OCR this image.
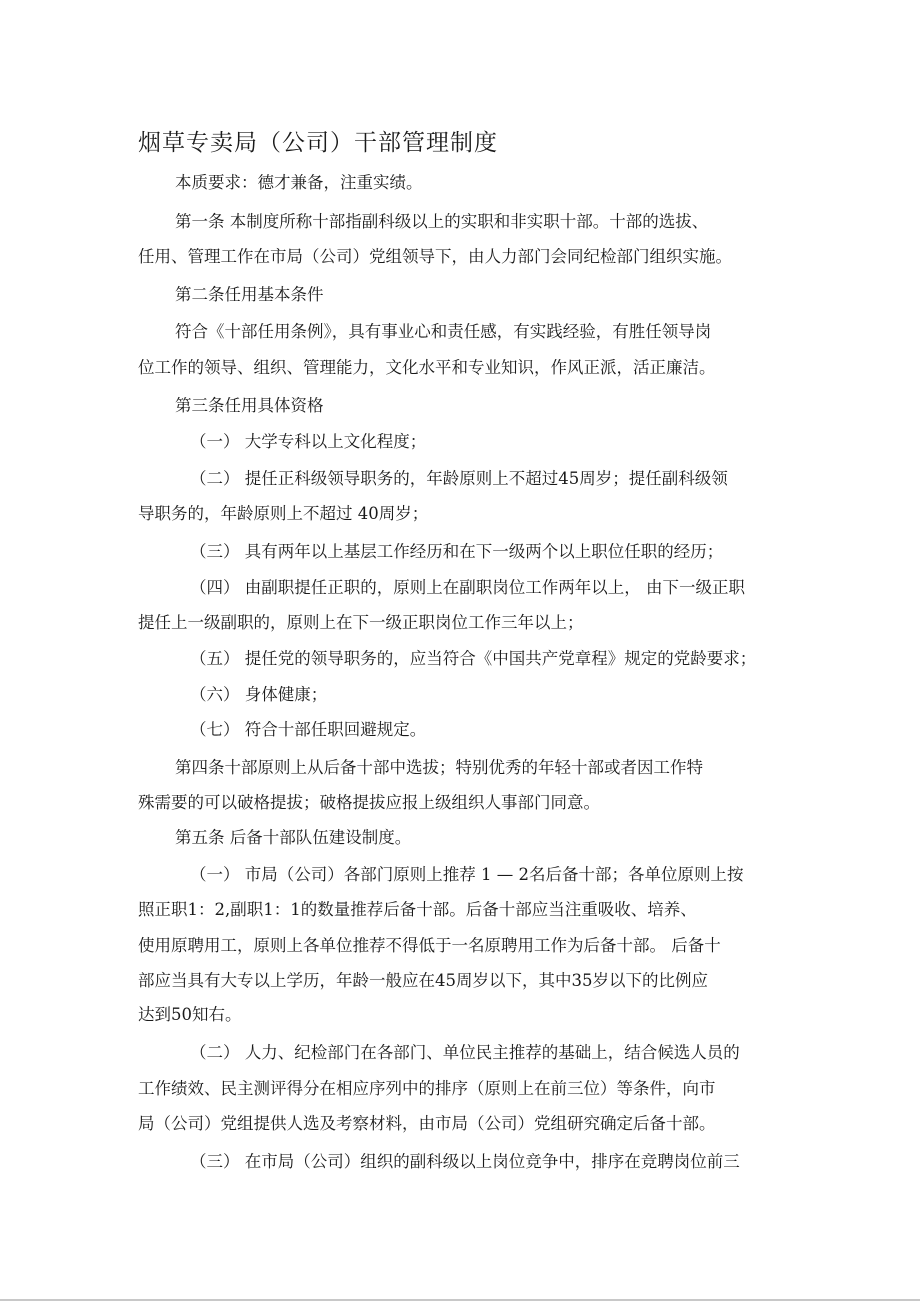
烟草专卖局（公司）干部管理制度
本质要求：德才兼备，注重实绩。
第一条 本制度所称十部指副科级以上的实职和非实职十部。十部的选拔、
任用、管理工作在市局（公司）党组领导下，由人力部门会同纪检部门组织实施。
第二条任用基本条件
符合《十部任用条例》，具有事业心和责任感，有实践经验，有胜任领导岗
位工作的领导、组织、管理能力，文化水平和专业知识，作风正派，活正廉洁。
第三条任用具体资格
（一） 大学专科以上文化程度；
（二） 提任正科级领导职务的，年龄原则上不超过45周岁；提任副科级领
导职务的，年龄原则上不超过 40周岁；
（三） 具有两年以上基层工作经历和在下一级两个以上职位任职的经历；
（四） 由副职提任正职的，原则上在副职岗位工作两年以上， 由下一级正职
提任上一级副职的，原则上在下一级正职岗位工作三年以上；
（五） 提任党的领导职务的，应当符合《中国共产党章程》规定的党龄要求；
（六） 身体健康；
（七） 符合十部任职回避规定。
第四条十部原则上从后备十部中选拔；特别优秀的年轻十部或者因工作特
殊需要的可以破格提拔；破格提拔应报上级组织人事部门同意。
第五条 后备十部队伍建设制度。
（一） 市局（公司）各部门原则上推荐 1 — 2名后备十部；各单位原则上按
照正职1：2,副职1：1的数量推荐后备十部。后备十部应当注重吸收、培养、
使用原聘用工，原则上各单位推荐不得低于一名原聘用工作为后备十部。 后备十
部应当具有大专以上学历，年龄一般应在45周岁以下，其中35岁以下的比例应
达到50知右。
（二） 人力、纪检部门在各部门、单位民主推荐的基础上，结合候选人员的
工作绩效、民主测评得分在相应序列中的排序（原则上在前三位）等条件，向市
局（公司）党组提供人选及考察材料，由市局（公司）党组研究确定后备十部。
（三） 在市局（公司）组织的副科级以上岗位竞争中，排序在竞聘岗位前三
